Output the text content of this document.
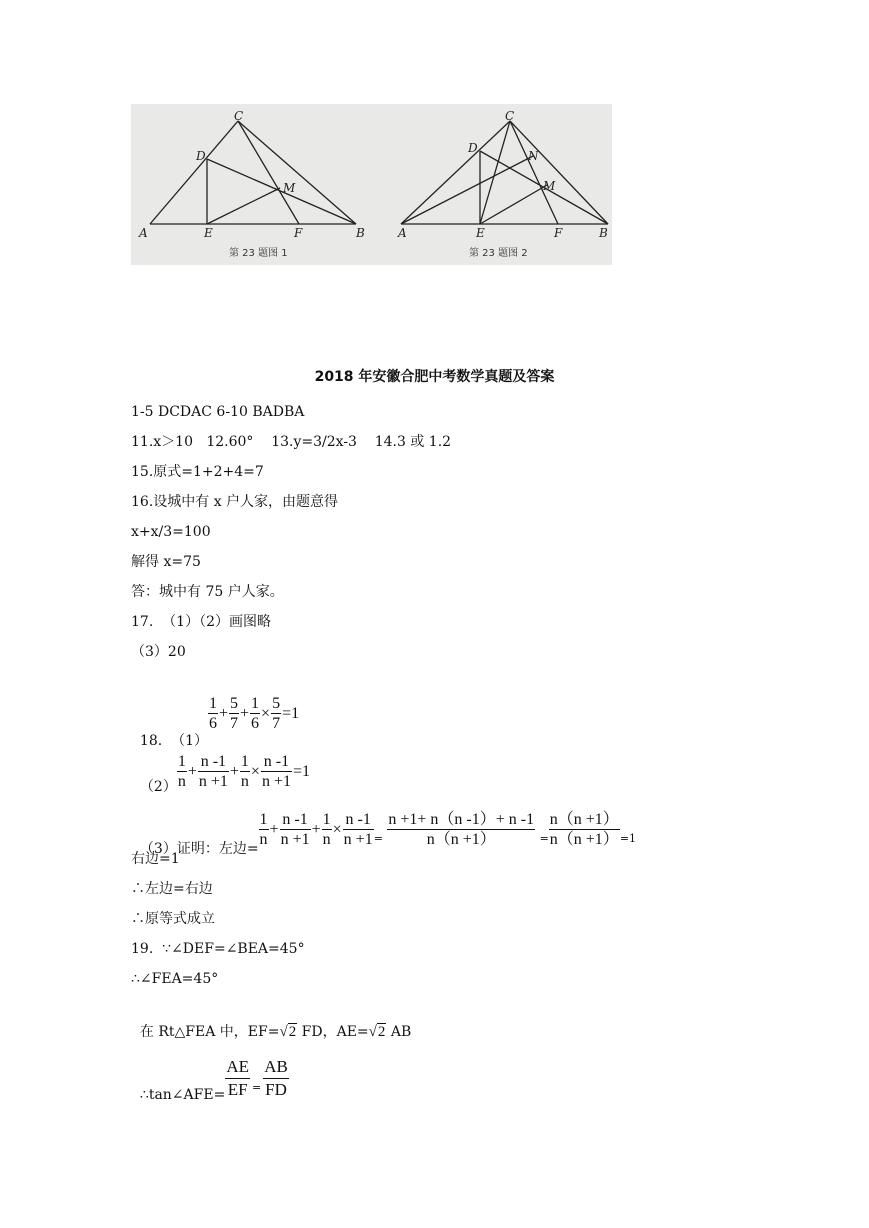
A
C
D
E	F	B
M
A
C
D
E	F	B
M
N
第 23 题图 1	第 23 题图 2
2018 年安徽合肥中考数学真题及答案
1-5 DCDAC 6-10 BADBA
11.x＞10   12.60°    13.y=3/2x-3    14.3 或 1.2
15.原式=1+2+4=7
16.设城中有 x 户人家，由题意得
x+x/3=100
解得 x=75
答：城中有 75 户人家。
17.  （1）（2）画图略
（3）20

18.  （1）
$\frac{1}{6} + \frac{5}{7} + \frac{1}{6} \times \frac{5}{7} =1$

$(2) \frac{1}{n} + \frac{n -1}{n +1} + \frac{1}{n} \times \frac{n -1}{n +1} =1$

（3）证明：左边= $\frac{1}{n} + \frac{n -1}{n +1} + \frac{1}{n} \times \frac{n -1}{n +1} _= \frac{n +1+ n(n -1)+ n -1}{n(n +1)} _= \frac{n(n +1)}{n(n +1)} _{=1}$

右边=1
∴左边=右边
∴原等式成立
19.  ∵∠DEF=∠BEA=45°
∴∠FEA=45°

在 Rt△FEA 中，EF=√2 FD，AE=√2 AB

∴tan∠AFE= $\frac{AE}{EF} _= \frac{AB}{FD}$
